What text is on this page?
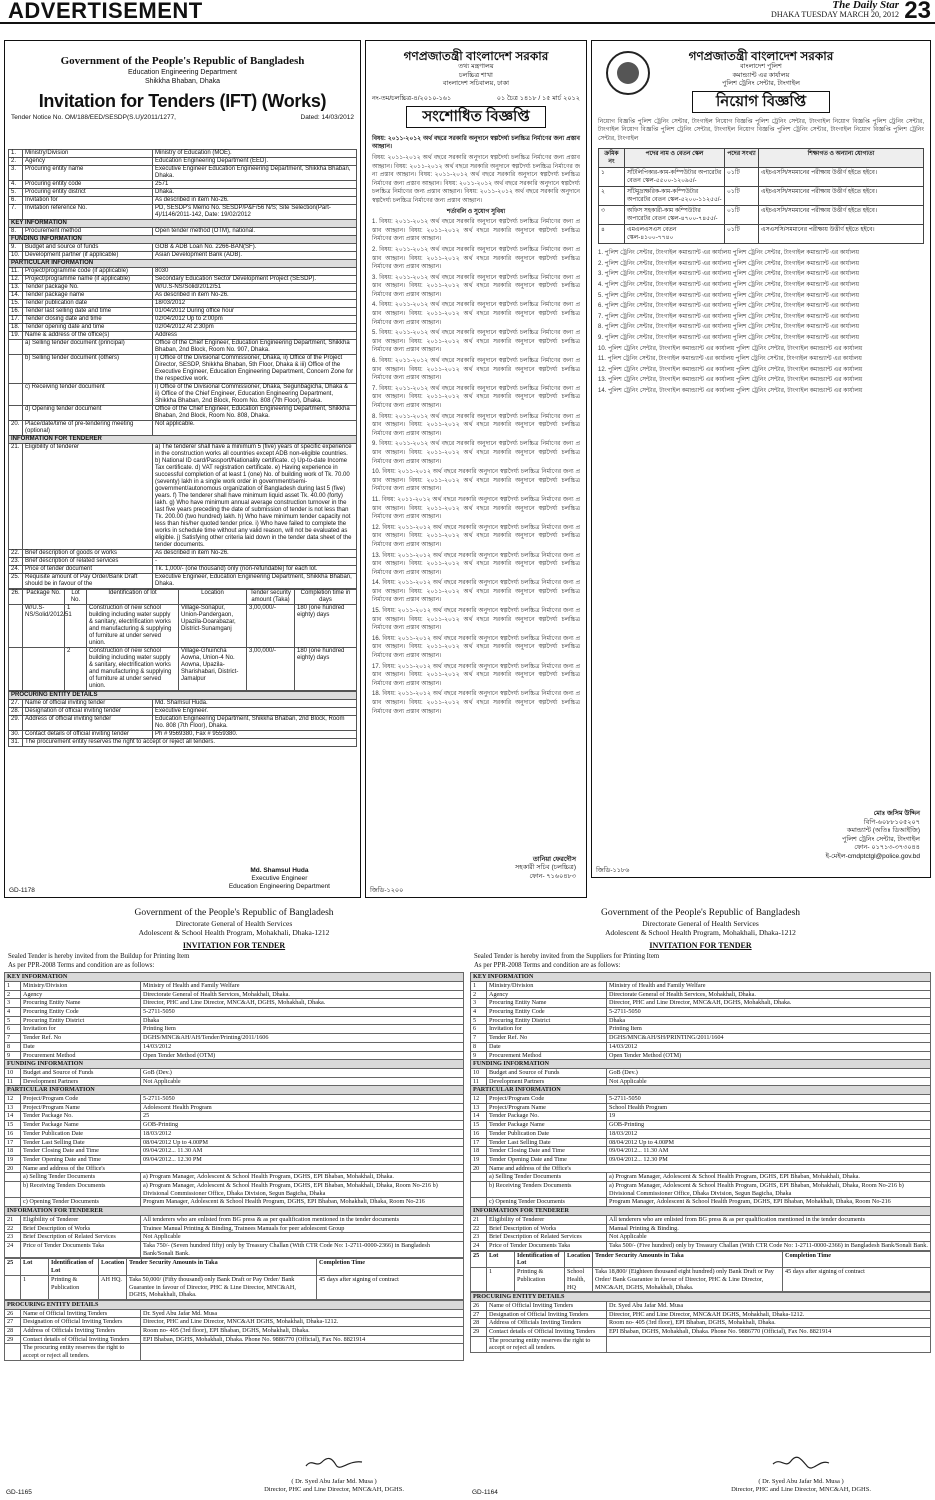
ADVERTISEMENT	The Daily Star
DHAKA TUESDAY MARCH 20, 2012 23
Government of the People's Republic of Bangladesh
Education Engineering Department
Shikkha Bhaban, Dhaka
Invitation for Tenders (IFT) (Works)
Tender Notice No. OM/188/EED/SESDP(S.U)/2011/1277,	Dated: 14/03/2012
1.	Ministry/Division	Ministry of Education (MOE).
2.	Agency	Education Engineering Department (EED).
3.	Procuring entity name	Executive Engineer Education Engineering Department, Shikkha Bhaban, Dhaka.
4.	Procuring entity code	2571
5.	Procuring entity district	Dhaka.
6.	Invitation for	As described in item No-26.
7.	Invitation reference No.	PD, SESDP's Memo No. SESDP/P&F/56 N/S; Site Selection(Part-4)/1146/2011-142, Date: 19/02/2012
KEY INFORMATION		
8.	Procurement method	Open tender method (OTM), national.
FUNDING INFORMATION		
9.	Budget and source of funds	GOB & ADB Loan No. 2266-BAN(SF).
10.	Development partner (if applicable)	Asian Development Bank (ADB).
PARTICULAR INFORMATION		
11.	Project/programme code (if applicable)	8030
12.	Project/programme name (if applicable)	Secondary Education Sector Development Project (SESDP).
13.	Tender package No.	W/U.S-NS/Solid/2012/51
14.	Tender package name	As described in item No-26.
15.	Tender publication date	18/03/2012
16.	Tender last selling date and time	01/04/2012 During office hour
17.	Tender closing date and time	02/04/2012 Up to 2:00pm
18.	Tender opening date and time	02/04/2012 At 2:30pm
19.	Name & address of the office(s)	Address
	a) Selling tender document (principal)	Office of the Chief Engineer, Education Engineering Department, Shikkha Bhaban, 2nd Block, Room No. 907, Dhaka.
	b) Selling tender document (others)	i) Office of the Divisional Commissioner, Dhaka, ii) Office of the Project Director, SESDP, Shikkha Bhaban, 5th Floor, Dhaka & iii) Office of the Executive Engineer, Education Engineering Department, Concern Zone for the respective work.
	c) Receiving tender document	i) Office of the Divisional Commissioner, Dhaka, Segunbagicha, Dhaka & ii) Office of the Chief Engineer, Education Engineering Department, Shikkha Bhaban, 2nd Block, Room No. 808 (7th Floor), Dhaka.
	d) Opening tender document	Office of the Chief Engineer, Education Engineering Department, Shikkha Bhaban, 2nd Block, Room No. 808, Dhaka.
20.	Place/date/time of pre-tendering meeting (optional)	Not applicable.
INFORMATION FOR TENDERER		
21.	Eligibility of tenderer	a) The tenderer shall have a minimum 5 (five) years of specific experience in the construction works all countries except ADB non-eligible countries. b) National ID card/Passport/Nationality certificate. c) Up-to-date Income Tax certificate. d) VAT registration certificate. e) Having experience in successful completion of at least 1 (one) No. of building work of Tk. 70.00 (seventy) lakh in a single work order in government/semi-government/autonomous organization of Bangladesh during last 5 (five) years. f) The tenderer shall have minimum liquid asset Tk. 40.00 (forty) lakh. g) Who have minimum annual average construction turnover in the last five years preceding the date of submission of tender is not less than Tk. 200.00 (two hundred) lakh. h) Who have minimum tender capacity not less than his/her quoted tender price. i) Who have failed to complete the works in schedule time without any valid reason, will not be evaluated as eligible. j) Satisfying other criteria laid down in the tender data sheet of the tender documents.
22.	Brief description of goods or works	As described in item No-26.
23.	Brief description of related services	-
24.	Price of tender document	Tk. 1,000/- (one thousand) only (non-refundable) for each lot.
25.	Requisite amount of Pay Order/Bank Draft should be in favour of the	Executive Engineer, Education Engineering Department, Shikkha Bhaban, Dhaka.
26.	Package No.	Lot No.	Identification of lot	Location	Tender security amount (Taka)	Completion time in days
	W/U.S-NS/Solid/2012/51	1	Construction of new school building including water supply & sanitary, electrification works and manufacturing & supplying of furniture at under served union.	Village-Sonapur, Union-Pandergaon, Upazila-Doarabazar, District-Sunamganj	3,00,000/-	180 (one hundred eighty) days
		2	Construction of new school building including water supply & sanitary, electrification works and manufacturing & supplying of furniture at under served union.	Village-Ghuincha Aowna, Union-4 No. Aowna, Upazila-Sharishabari, District-Jamalpur	3,00,000/-	180 (one hundred eighty) days
PROCURING ENTITY DETAILS		
27.	Name of official inviting tender	Md. Shamsul Huda.
28.	Designation of official inviting tender	Executive Engineer.
29.	Address of official inviting tender	Education Engineering Department, Shikkha Bhaban, 2nd Block, Room No. 808 (7th Floor), Dhaka.
30.	Contact details of official inviting tender	Ph # 9569380, Fax # 9559380.
31.	The procurement entity reserves the right to accept or reject all tenders.	
Md. Shamsul Huda
Executive Engineer
Education Engineering Department
GD-1178
গণপ্রজাতন্ত্রী বাংলাদেশ সরকার
তথ্য মন্ত্রণালয়
চলচ্চিত্র শাখা
বাংলাদেশ সচিবালয়, ঢাকা
নং-তম/চলচ্চিত্র-৪/২০১০-১৬১	০১ চৈত্র ১৪১৮ / ১৫ মার্চ ২০১২
সংশোধিত বিজ্ঞপ্তি

বিষয়: ২০১১-২০১২ অর্থ বছরে সরকারি অনুদানে স্বল্পদৈর্ঘ্য চলচ্চিত্র নির্মাণের জন্য প্রস্তাব আহ্বান।

বিষয়: ২০১১-২০১২ অর্থ বছরে সরকারি অনুদানে স্বল্পদৈর্ঘ্য চলচ্চিত্র নির্মাণের জন্য প্রস্তাব আহ্বান। বিষয়: ২০১১-২০১২ অর্থ বছরে সরকারি অনুদানে স্বল্পদৈর্ঘ্য চলচ্চিত্র নির্মাণের জন্য প্রস্তাব আহ্বান। বিষয়: ২০১১-২০১২ অর্থ বছরে সরকারি অনুদানে স্বল্পদৈর্ঘ্য চলচ্চিত্র নির্মাণের জন্য প্রস্তাব আহ্বান। বিষয়: ২০১১-২০১২ অর্থ বছরে সরকারি অনুদানে স্বল্পদৈর্ঘ্য চলচ্চিত্র নির্মাণের জন্য প্রস্তাব আহ্বান। বিষয়: ২০১১-২০১২ অর্থ বছরে সরকারি অনুদানে স্বল্পদৈর্ঘ্য চলচ্চিত্র নির্মাণের জন্য প্রস্তাব আহ্বান।

শর্তাবলি ও সুযোগ সুবিধা

1. বিষয়: ২০১১-২০১২ অর্থ বছরে সরকারি অনুদানে স্বল্পদৈর্ঘ্য চলচ্চিত্র নির্মাণের জন্য প্রস্তাব আহ্বান। বিষয়: ২০১১-২০১২ অর্থ বছরে সরকারি অনুদানে স্বল্পদৈর্ঘ্য চলচ্চিত্র নির্মাণের জন্য প্রস্তাব আহ্বান।

2. বিষয়: ২০১১-২০১২ অর্থ বছরে সরকারি অনুদানে স্বল্পদৈর্ঘ্য চলচ্চিত্র নির্মাণের জন্য প্রস্তাব আহ্বান। বিষয়: ২০১১-২০১২ অর্থ বছরে সরকারি অনুদানে স্বল্পদৈর্ঘ্য চলচ্চিত্র নির্মাণের জন্য প্রস্তাব আহ্বান।

3. বিষয়: ২০১১-২০১২ অর্থ বছরে সরকারি অনুদানে স্বল্পদৈর্ঘ্য চলচ্চিত্র নির্মাণের জন্য প্রস্তাব আহ্বান। বিষয়: ২০১১-২০১২ অর্থ বছরে সরকারি অনুদানে স্বল্পদৈর্ঘ্য চলচ্চিত্র নির্মাণের জন্য প্রস্তাব আহ্বান।

4. বিষয়: ২০১১-২০১২ অর্থ বছরে সরকারি অনুদানে স্বল্পদৈর্ঘ্য চলচ্চিত্র নির্মাণের জন্য প্রস্তাব আহ্বান। বিষয়: ২০১১-২০১২ অর্থ বছরে সরকারি অনুদানে স্বল্পদৈর্ঘ্য চলচ্চিত্র নির্মাণের জন্য প্রস্তাব আহ্বান।

5. বিষয়: ২০১১-২০১২ অর্থ বছরে সরকারি অনুদানে স্বল্পদৈর্ঘ্য চলচ্চিত্র নির্মাণের জন্য প্রস্তাব আহ্বান। বিষয়: ২০১১-২০১২ অর্থ বছরে সরকারি অনুদানে স্বল্পদৈর্ঘ্য চলচ্চিত্র নির্মাণের জন্য প্রস্তাব আহ্বান।

6. বিষয়: ২০১১-২০১২ অর্থ বছরে সরকারি অনুদানে স্বল্পদৈর্ঘ্য চলচ্চিত্র নির্মাণের জন্য প্রস্তাব আহ্বান। বিষয়: ২০১১-২০১২ অর্থ বছরে সরকারি অনুদানে স্বল্পদৈর্ঘ্য চলচ্চিত্র নির্মাণের জন্য প্রস্তাব আহ্বান।

7. বিষয়: ২০১১-২০১২ অর্থ বছরে সরকারি অনুদানে স্বল্পদৈর্ঘ্য চলচ্চিত্র নির্মাণের জন্য প্রস্তাব আহ্বান। বিষয়: ২০১১-২০১২ অর্থ বছরে সরকারি অনুদানে স্বল্পদৈর্ঘ্য চলচ্চিত্র নির্মাণের জন্য প্রস্তাব আহ্বান।

8. বিষয়: ২০১১-২০১২ অর্থ বছরে সরকারি অনুদানে স্বল্পদৈর্ঘ্য চলচ্চিত্র নির্মাণের জন্য প্রস্তাব আহ্বান। বিষয়: ২০১১-২০১২ অর্থ বছরে সরকারি অনুদানে স্বল্পদৈর্ঘ্য চলচ্চিত্র নির্মাণের জন্য প্রস্তাব আহ্বান।

9. বিষয়: ২০১১-২০১২ অর্থ বছরে সরকারি অনুদানে স্বল্পদৈর্ঘ্য চলচ্চিত্র নির্মাণের জন্য প্রস্তাব আহ্বান। বিষয়: ২০১১-২০১২ অর্থ বছরে সরকারি অনুদানে স্বল্পদৈর্ঘ্য চলচ্চিত্র নির্মাণের জন্য প্রস্তাব আহ্বান।

10. বিষয়: ২০১১-২০১২ অর্থ বছরে সরকারি অনুদানে স্বল্পদৈর্ঘ্য চলচ্চিত্র নির্মাণের জন্য প্রস্তাব আহ্বান। বিষয়: ২০১১-২০১২ অর্থ বছরে সরকারি অনুদানে স্বল্পদৈর্ঘ্য চলচ্চিত্র নির্মাণের জন্য প্রস্তাব আহ্বান।

11. বিষয়: ২০১১-২০১২ অর্থ বছরে সরকারি অনুদানে স্বল্পদৈর্ঘ্য চলচ্চিত্র নির্মাণের জন্য প্রস্তাব আহ্বান। বিষয়: ২০১১-২০১২ অর্থ বছরে সরকারি অনুদানে স্বল্পদৈর্ঘ্য চলচ্চিত্র নির্মাণের জন্য প্রস্তাব আহ্বান।

12. বিষয়: ২০১১-২০১২ অর্থ বছরে সরকারি অনুদানে স্বল্পদৈর্ঘ্য চলচ্চিত্র নির্মাণের জন্য প্রস্তাব আহ্বান। বিষয়: ২০১১-২০১২ অর্থ বছরে সরকারি অনুদানে স্বল্পদৈর্ঘ্য চলচ্চিত্র নির্মাণের জন্য প্রস্তাব আহ্বান।

13. বিষয়: ২০১১-২০১২ অর্থ বছরে সরকারি অনুদানে স্বল্পদৈর্ঘ্য চলচ্চিত্র নির্মাণের জন্য প্রস্তাব আহ্বান। বিষয়: ২০১১-২০১২ অর্থ বছরে সরকারি অনুদানে স্বল্পদৈর্ঘ্য চলচ্চিত্র নির্মাণের জন্য প্রস্তাব আহ্বান।

14. বিষয়: ২০১১-২০১২ অর্থ বছরে সরকারি অনুদানে স্বল্পদৈর্ঘ্য চলচ্চিত্র নির্মাণের জন্য প্রস্তাব আহ্বান। বিষয়: ২০১১-২০১২ অর্থ বছরে সরকারি অনুদানে স্বল্পদৈর্ঘ্য চলচ্চিত্র নির্মাণের জন্য প্রস্তাব আহ্বান।

15. বিষয়: ২০১১-২০১২ অর্থ বছরে সরকারি অনুদানে স্বল্পদৈর্ঘ্য চলচ্চিত্র নির্মাণের জন্য প্রস্তাব আহ্বান। বিষয়: ২০১১-২০১২ অর্থ বছরে সরকারি অনুদানে স্বল্পদৈর্ঘ্য চলচ্চিত্র নির্মাণের জন্য প্রস্তাব আহ্বান।

16. বিষয়: ২০১১-২০১২ অর্থ বছরে সরকারি অনুদানে স্বল্পদৈর্ঘ্য চলচ্চিত্র নির্মাণের জন্য প্রস্তাব আহ্বান। বিষয়: ২০১১-২০১২ অর্থ বছরে সরকারি অনুদানে স্বল্পদৈর্ঘ্য চলচ্চিত্র নির্মাণের জন্য প্রস্তাব আহ্বান।

17. বিষয়: ২০১১-২০১২ অর্থ বছরে সরকারি অনুদানে স্বল্পদৈর্ঘ্য চলচ্চিত্র নির্মাণের জন্য প্রস্তাব আহ্বান। বিষয়: ২০১১-২০১২ অর্থ বছরে সরকারি অনুদানে স্বল্পদৈর্ঘ্য চলচ্চিত্র নির্মাণের জন্য প্রস্তাব আহ্বান।

18. বিষয়: ২০১১-২০১২ অর্থ বছরে সরকারি অনুদানে স্বল্পদৈর্ঘ্য চলচ্চিত্র নির্মাণের জন্য প্রস্তাব আহ্বান। বিষয়: ২০১১-২০১২ অর্থ বছরে সরকারি অনুদানে স্বল্পদৈর্ঘ্য চলচ্চিত্র নির্মাণের জন্য প্রস্তাব আহ্বান।

তানিয়া ফেরদৌস
সহকারী সচিব (চলচ্চিত্র)
ফোন- ৭১৬০৪৮৩
জিডি-১২০০
গণপ্রজাতন্ত্রী বাংলাদেশ সরকার
বাংলাদেশ পুলিশ
কমান্ড্যান্ট এর কার্যালয়
পুলিশ ট্রেনিং সেন্টার, টাংগাইল
নিয়োগ বিজ্ঞপ্তি
নিয়োগ বিজ্ঞপ্তি পুলিশ ট্রেনিং সেন্টার, টাংগাইল নিয়োগ বিজ্ঞপ্তি পুলিশ ট্রেনিং সেন্টার, টাংগাইল নিয়োগ বিজ্ঞপ্তি পুলিশ ট্রেনিং সেন্টার, টাংগাইল নিয়োগ বিজ্ঞপ্তি পুলিশ ট্রেনিং সেন্টার, টাংগাইল নিয়োগ বিজ্ঞপ্তি পুলিশ ট্রেনিং সেন্টার, টাংগাইল নিয়োগ বিজ্ঞপ্তি পুলিশ ট্রেনিং সেন্টার, টাংগাইল
ক্রমিক নং	পদের নাম ও বেতন স্কেল	পদের সংখ্যা	শিক্ষাগত ও অন্যান্য যোগ্যতা
১	সাঁটলিপিকার-কাম-কম্পিউটার অপারেটর বেতন স্কেল-৫৫০০-১২০৯৫/-	০১টি	এইচএসসি/সমমানের পরীক্ষায় উত্তীর্ণ হইতে হইবে।
২	সাঁটমুদ্রাক্ষরিক-কাম-কম্পিউটার অপারেটর বেতন স্কেল-৫২০০-১১২৫৫/-	০১টি	এইচএসসি/সমমানের পরীক্ষায় উত্তীর্ণ হইতে হইবে।
৩	অফিস সহকারী-কাম কম্পিউটার অপারেটর বেতন স্কেল-৪৭০০-৭৪৫৫/-	০১টি	এইচএসসি/সমমানের পরীক্ষায় উত্তীর্ণ হইতে হইবে।
৪	এমএলএসএস বেতন স্কেল-৪১০০-৭৭৪০	০১টি	এসএসসি/সমমানের পরীক্ষায় উত্তীর্ণ হইতে হইবে।

1. পুলিশ ট্রেনিং সেন্টার, টাংগাইল কমান্ড্যান্ট এর কার্যালয় পুলিশ ট্রেনিং সেন্টার, টাংগাইল কমান্ড্যান্ট এর কার্যালয়

2. পুলিশ ট্রেনিং সেন্টার, টাংগাইল কমান্ড্যান্ট এর কার্যালয় পুলিশ ট্রেনিং সেন্টার, টাংগাইল কমান্ড্যান্ট এর কার্যালয়

3. পুলিশ ট্রেনিং সেন্টার, টাংগাইল কমান্ড্যান্ট এর কার্যালয় পুলিশ ট্রেনিং সেন্টার, টাংগাইল কমান্ড্যান্ট এর কার্যালয়

4. পুলিশ ট্রেনিং সেন্টার, টাংগাইল কমান্ড্যান্ট এর কার্যালয় পুলিশ ট্রেনিং সেন্টার, টাংগাইল কমান্ড্যান্ট এর কার্যালয়

5. পুলিশ ট্রেনিং সেন্টার, টাংগাইল কমান্ড্যান্ট এর কার্যালয় পুলিশ ট্রেনিং সেন্টার, টাংগাইল কমান্ড্যান্ট এর কার্যালয়

6. পুলিশ ট্রেনিং সেন্টার, টাংগাইল কমান্ড্যান্ট এর কার্যালয় পুলিশ ট্রেনিং সেন্টার, টাংগাইল কমান্ড্যান্ট এর কার্যালয়

7. পুলিশ ট্রেনিং সেন্টার, টাংগাইল কমান্ড্যান্ট এর কার্যালয় পুলিশ ট্রেনিং সেন্টার, টাংগাইল কমান্ড্যান্ট এর কার্যালয়

8. পুলিশ ট্রেনিং সেন্টার, টাংগাইল কমান্ড্যান্ট এর কার্যালয় পুলিশ ট্রেনিং সেন্টার, টাংগাইল কমান্ড্যান্ট এর কার্যালয়

9. পুলিশ ট্রেনিং সেন্টার, টাংগাইল কমান্ড্যান্ট এর কার্যালয় পুলিশ ট্রেনিং সেন্টার, টাংগাইল কমান্ড্যান্ট এর কার্যালয়

10. পুলিশ ট্রেনিং সেন্টার, টাংগাইল কমান্ড্যান্ট এর কার্যালয় পুলিশ ট্রেনিং সেন্টার, টাংগাইল কমান্ড্যান্ট এর কার্যালয়

11. পুলিশ ট্রেনিং সেন্টার, টাংগাইল কমান্ড্যান্ট এর কার্যালয় পুলিশ ট্রেনিং সেন্টার, টাংগাইল কমান্ড্যান্ট এর কার্যালয়

12. পুলিশ ট্রেনিং সেন্টার, টাংগাইল কমান্ড্যান্ট এর কার্যালয় পুলিশ ট্রেনিং সেন্টার, টাংগাইল কমান্ড্যান্ট এর কার্যালয়

13. পুলিশ ট্রেনিং সেন্টার, টাংগাইল কমান্ড্যান্ট এর কার্যালয় পুলিশ ট্রেনিং সেন্টার, টাংগাইল কমান্ড্যান্ট এর কার্যালয়

14. পুলিশ ট্রেনিং সেন্টার, টাংগাইল কমান্ড্যান্ট এর কার্যালয় পুলিশ ট্রেনিং সেন্টার, টাংগাইল কমান্ড্যান্ট এর কার্যালয়

মোঃ জসিম উদ্দিন
বিপি-৬০৮৮১০৫২০৭
কমান্ড্যান্ট (অতিঃ ডিআইজি)
পুলিশ ট্রেনিং সেন্টার, টাংগাইল
ফোন- ০১৭১৩-৩৭৩০৪৪
ই-মেইল-cmdptctgl@police.gov.bd
জিডি-১১৮৬
Government of the People's Republic of Bangladesh
Directorate General of Health Services
Adolescent & School Health Program, Mohakhali, Dhaka-1212
INVITATION FOR TENDER
Sealed Tender is hereby invited from the Buildup for Printing Item
As per PPR-2008 Terms and condition are as follows:
KEY INFORMATION		
1	Ministry/Division	Ministry of Health and Family Welfare
2	Agency	Directorate General of Health Services, Mohakhali, Dhaka.
3	Procuring Entity Name	Director, PHC and Line Director, MNC&AH, DGHS, Mohakhali, Dhaka.
4	Procuring Entity Code	5-2711-5050
5	Procuring Entity District	Dhaka
6	Invitation for	Printing Item
7	Tender Ref. No	DGHS/MNC&AH/AH/Tender/Printing/2011/1606
8	Date	14/03/2012
9	Procurement Method	Open Tender Method (OTM)
FUNDING INFORMATION		
10	Budget and Source of Funds	GoB (Dev.)
11	Development Partners	Not Applicable
PARTICULAR INFORMATION		
12	Project/Program Code	5-2711-5050
13	Project/Program Name	Adolescent Health Program
14	Tender Package No.	25
15	Tender Package Name	GOB-Printing
16	Tender Publication Date	18/03/2012
17	Tender Last Selling Date	08/04/2012 Up to 4.00PM
18	Tender Closing Date and Time	09/04/2012... 11.30 AM
19	Tender Opening Date and Time	09/04/2012... 12.30 PM
20	Name and address of the Office's	
	a) Selling Tender Documents	a) Program Manager, Adolescent & School Health Program, DGHS, EPI Bhaban, Mohakhali, Dhaka.
	b) Receiving Tenders Documents	a) Program Manager, Adolescent & School Health Program, DGHS, EPI Bhaban, Mohakhali, Dhaka, Room No-216 b) Divisional Commissioner Office, Dhaka Division, Segun Bagicha, Dhaka
	c) Opening Tender Documents	Program Manager, Adolescent & School Health Program, DGHS, EPI Bhaban, Mohakhali, Dhaka, Room No-216
INFORMATION FOR TENDERER		
21	Eligibility of Tenderer	All tenderers who are enlisted from BG press & as per qualification mentioned in the tender documents
22	Brief Description of Works	Trainee Manual Printing & Binding, Trainees Manuals for peer adolescent Group
23	Brief Description of Related Services	Not Applicable
24	Price of Tender Documents Taka	Taka 750/- (Seven hundred fifty) only by Treasury Challan (With CTR Code No: 1-2711-0000-2366) in Bangladesh Bank/Sonali Bank.
25	Lot	Identification of Lot	Location	Tender Security Amounts in Taka	Completion Time
	1	Printing & Publication	AH HQ.	Taka 50,000/ (Fifty thousand) only Bank Draft or Pay Order/ Bank Guarantee in favour of Director, PHC & Line Director, MNC&AH, DGHS, Mohakhali, Dhaka.	45 days after signing of contract
PROCURING ENTITY DETAILS		
26	Name of Official Inviting Tenders	Dr. Syed Abu Jafar Md. Musa
27	Designation of Official Inviting Tenders	Director, PHC and Line Director, MNC&AH DGHS, Mohakhali, Dhaka-1212.
28	Address of Officials Inviting Tenders	Room no- 405 (3rd floor), EPI Bhaban, DGHS, Mohakhali, Dhaka.
29	Contact details of Official Inviting Tenders	EPI Bhaban, DGHS, Mohakhali, Dhaka. Phone No. 9886770 (Official), Fax No. 8821914
	The procuring entity reserves the right to accept or reject all tenders.	
( Dr. Syed Abu Jafar Md. Musa )
Director, PHC and Line Director, MNC&AH, DGHS.
GD-1165
Government of the People's Republic of Bangladesh
Directorate General of Health Services
Adolescent & School Health Program, Mohakhali, Dhaka-1212
INVITATION FOR TENDER
Sealed Tender is hereby invited from the Suppliers for Printing Item
As per PPR-2008 Terms and condition are as follows:
KEY INFORMATION		
1	Ministry/Division	Ministry of Health and Family Welfare
2	Agency	Directorate General of Health Services, Mohakhali, Dhaka.
3	Procuring Entity Name	Director, PHC and Line Director, MNC&AH, DGHS, Mohakhali, Dhaka.
4	Procuring Entity Code	5-2711-5050
5	Procuring Entity District	Dhaka
6	Invitation for	Printing Item
7	Tender Ref. No	DGHS/MNC&AH/SH/PRINTING/2011/1604
8	Date	14/03/2012
9	Procurement Method	Open Tender Method (OTM)
FUNDING INFORMATION		
10	Budget and Source of Funds	GoB (Dev.)
11	Development Partners	Not Applicable
PARTICULAR INFORMATION		
12	Project/Program Code	5-2711-5050
13	Project/Program Name	School Health Program
14	Tender Package No.	19
15	Tender Package Name	GOB-Printing
16	Tender Publication Date	18/03/2012
17	Tender Last Selling Date	08/04/2012 Up to 4.00PM
18	Tender Closing Date and Time	09/04/2012... 11.30 AM
19	Tender Opening Date and Time	09/04/2012... 12.30 PM
20	Name and address of the Office's	
	a) Selling Tender Documents	a) Program Manager, Adolescent & School Health Program, DGHS, EPI Bhaban, Mohakhali, Dhaka.
	b) Receiving Tenders Documents	a) Program Manager, Adolescent & School Health Program, DGHS, EPI Bhaban, Mohakhali, Dhaka, Room No-216 b) Divisional Commissioner Office, Dhaka Division, Segun Bagicha, Dhaka
	c) Opening Tender Documents	Program Manager, Adolescent & School Health Program, DGHS, EPI Bhaban, Mohakhali, Dhaka, Room No-216
INFORMATION FOR TENDERER		
21	Eligibility of Tenderer	All tenderers who are enlisted from BG press & as per qualification mentioned in the tender documents
22	Brief Description of Works	Manual Printing & Binding.
23	Brief Description of Related Services	Not Applicable
24	Price of Tender Documents Taka	Taka 500/- (Five hundred) only by Treasury Challan (With CTR Code No: 1-2711-0000-2366) in Bangladesh Bank/Sonali Bank.
25	Lot	Identification of Lot	Location	Tender Security Amounts in Taka	Completion Time
	1	Printing & Publication	School Health, HQ	Taka 18,800/ (Eighteen thousand eight hundred) only Bank Draft or Pay Order/ Bank Guarantee in favour of Director, PHC & Line Director, MNC&AH, DGHS, Mohakhali, Dhaka.	45 days after signing of contract
PROCURING ENTITY DETAILS		
26	Name of Official Inviting Tenders	Dr. Syed Abu Jafar Md. Musa
27	Designation of Official Inviting Tenders	Director, PHC and Line Director, MNC&AH DGHS, Mohakhali, Dhaka-1212.
28	Address of Officials Inviting Tenders	Room no- 405 (3rd floor), EPI Bhaban, DGHS, Mohakhali, Dhaka.
29	Contact details of Official Inviting Tenders	EPI Bhaban, DGHS, Mohakhali, Dhaka. Phone No. 9886770 (Official), Fax No. 8821914
	The procuring entity reserves the right to accept or reject all tenders.	
( Dr. Syed Abu Jafar Md. Musa )
Director, PHC and Line Director, MNC&AH, DGHS.
GD-1164
